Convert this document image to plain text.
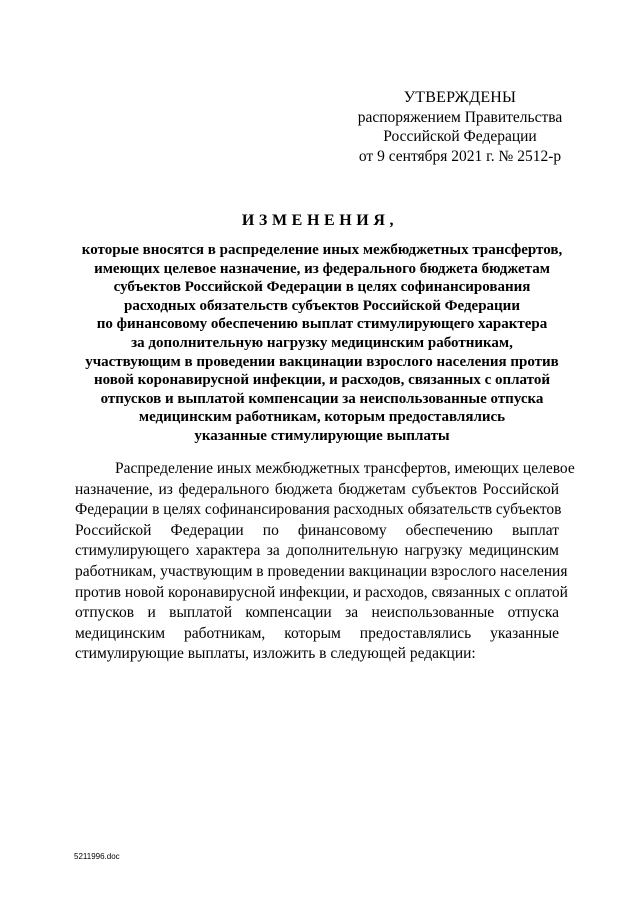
УТВЕРЖДЕНЫ
распоряжением Правительства
Российской Федерации
от 9 сентября 2021 г. № 2512-р
ИЗМЕНЕНИЯ,
которые вносятся в распределение иных межбюджетных трансфертов,
имеющих целевое назначение, из федерального бюджета бюджетам
субъектов Российской Федерации в целях софинансирования
расходных обязательств субъектов Российской Федерации
по финансовому обеспечению выплат стимулирующего характера
за дополнительную нагрузку медицинским работникам,
участвующим в проведении вакцинации взрослого населения против
новой коронавирусной инфекции, и расходов, связанных с оплатой
отпусков и выплатой компенсации за неиспользованные отпуска
медицинским работникам, которым предоставлялись
указанные стимулирующие выплаты
Распределение иных межбюджетных трансфертов, имеющих целевое
назначение, из федерального бюджета бюджетам субъектов Российской
Федерации в целях софинансирования расходных обязательств субъектов
Российской Федерации по финансовому обеспечению выплат
стимулирующего характера за дополнительную нагрузку медицинским
работникам, участвующим в проведении вакцинации взрослого населения
против новой коронавирусной инфекции, и расходов, связанных с оплатой
отпусков и выплатой компенсации за неиспользованные отпуска
медицинским работникам, которым предоставлялись указанные
стимулирующие выплаты, изложить в следующей редакции:
5211996.doc
